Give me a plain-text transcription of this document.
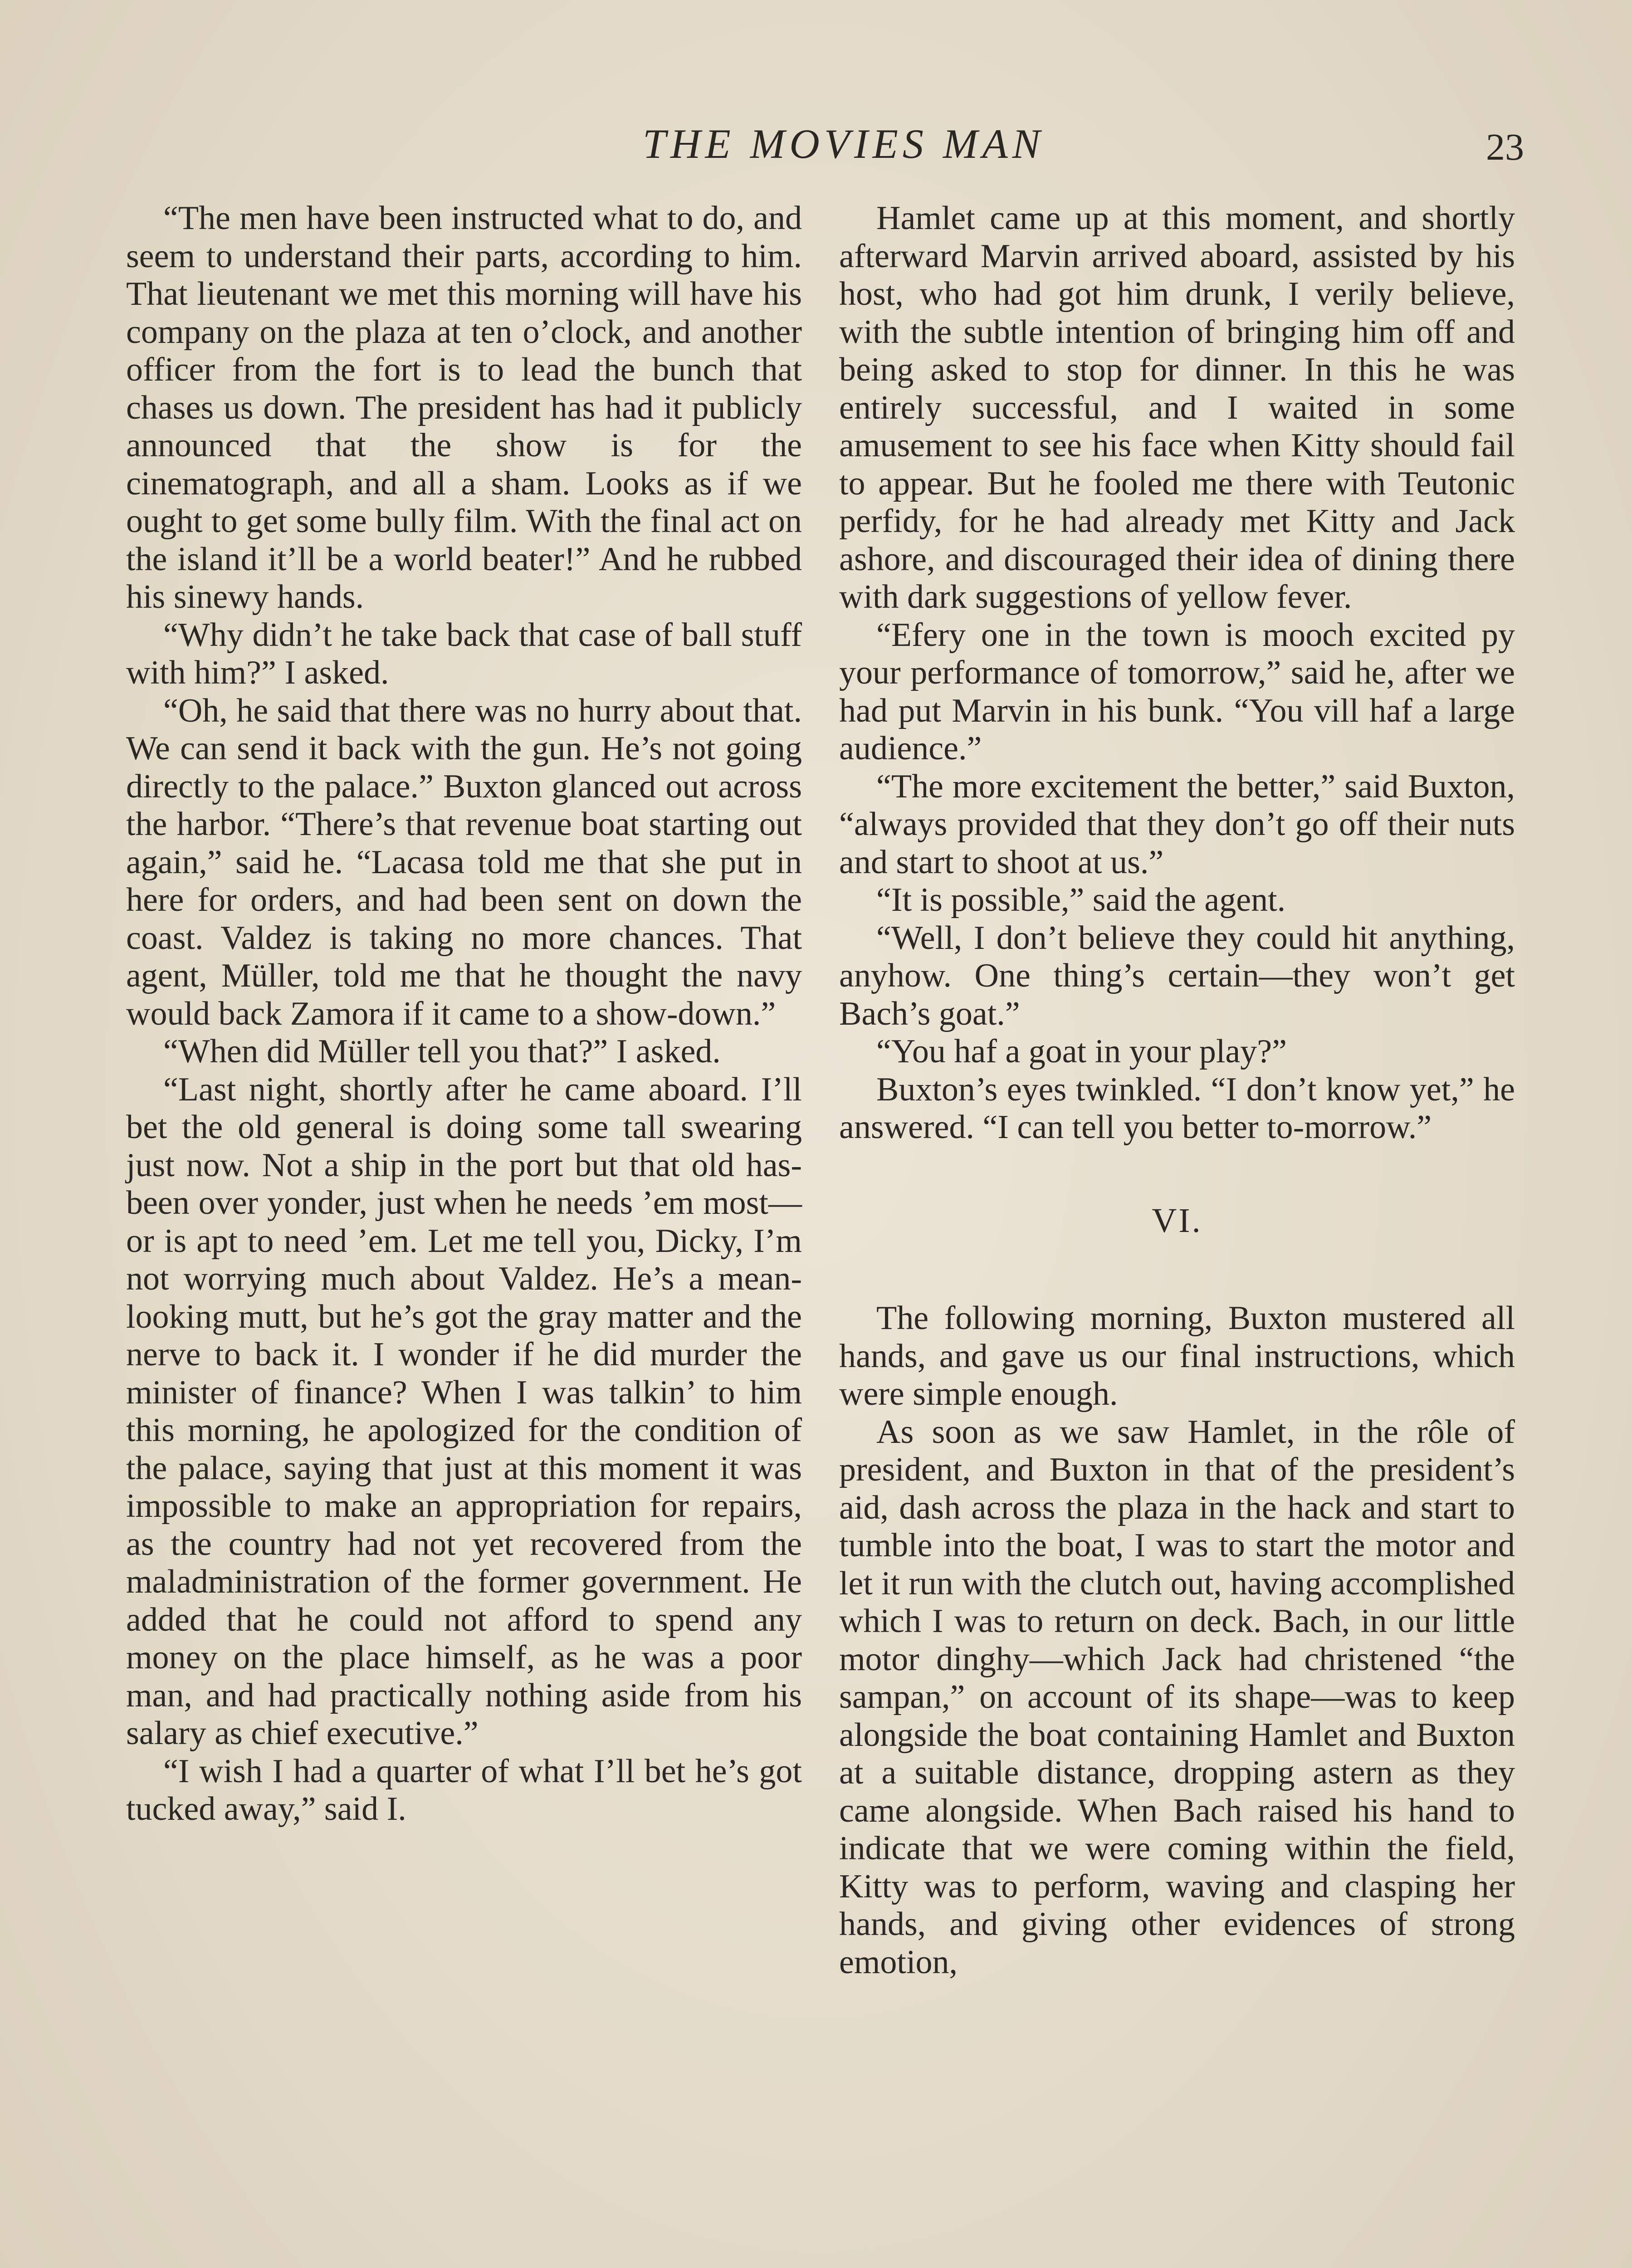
THE MOVIES MAN	23

“The men have been instructed what to do, and seem to understand their parts, according to him. That lieutenant we met this morning will have his company on the plaza at ten o’clock, and another officer from the fort is to lead the bunch that chases us down. The president has had it publicly announced that the show is for the cinematograph, and all a sham. Looks as if we ought to get some bully film. With the final act on the island it’ll be a world beater!” And he rubbed his sinewy hands.

“Why didn’t he take back that case of ball stuff with him?” I asked.

“Oh, he said that there was no hurry about that. We can send it back with the gun. He’s not going directly to the palace.” Buxton glanced out across the harbor. “There’s that revenue boat starting out again,” said he. “Lacasa told me that she put in here for orders, and had been sent on down the coast. Valdez is taking no more chances. That agent, Müller, told me that he thought the navy would back Zamora if it came to a show-down.”

“When did Müller tell you that?” I asked.

“Last night, shortly after he came aboard. I’ll bet the old general is doing some tall swearing just now. Not a ship in the port but that old has-been over yonder, just when he needs ’em most—or is apt to need ’em. Let me tell you, Dicky, I’m not worrying much about Valdez. He’s a mean-looking mutt, but he’s got the gray matter and the nerve to back it. I wonder if he did murder the minister of finance? When I was talkin’ to him this morning, he apologized for the condition of the palace, saying that just at this moment it was impossible to make an appropriation for repairs, as the country had not yet recovered from the maladministration of the former government. He added that he could not afford to spend any money on the place himself, as he was a poor man, and had practically nothing aside from his salary as chief executive.”

“I wish I had a quarter of what I’ll bet he’s got tucked away,” said I.

Hamlet came up at this moment, and shortly afterward Marvin arrived aboard, assisted by his host, who had got him drunk, I verily believe, with the subtle intention of bringing him off and being asked to stop for dinner. In this he was entirely successful, and I waited in some amusement to see his face when Kitty should fail to appear. But he fooled me there with Teutonic perfidy, for he had already met Kitty and Jack ashore, and discouraged their idea of dining there with dark suggestions of yellow fever.

“Efery one in the town is mooch excited py your performance of tomorrow,” said he, after we had put Marvin in his bunk. “You vill haf a large audience.”

“The more excitement the better,” said Buxton, “always provided that they don’t go off their nuts and start to shoot at us.”

“It is possible,” said the agent.

“Well, I don’t believe they could hit anything, anyhow. One thing’s certain—they won’t get Bach’s goat.”

“You haf a goat in your play?”

Buxton’s eyes twinkled. “I don’t know yet,” he answered. “I can tell you better to-morrow.”

VI.

The following morning, Buxton mustered all hands, and gave us our final instructions, which were simple enough.

As soon as we saw Hamlet, in the rôle of president, and Buxton in that of the president’s aid, dash across the plaza in the hack and start to tumble into the boat, I was to start the motor and let it run with the clutch out, having accomplished which I was to return on deck. Bach, in our little motor dinghy—which Jack had christened “the sampan,” on account of its shape—was to keep alongside the boat containing Hamlet and Buxton at a suitable distance, dropping astern as they came alongside. When Bach raised his hand to indicate that we were coming within the field, Kitty was to perform, waving and clasping her hands, and giving other evidences of strong emotion,
